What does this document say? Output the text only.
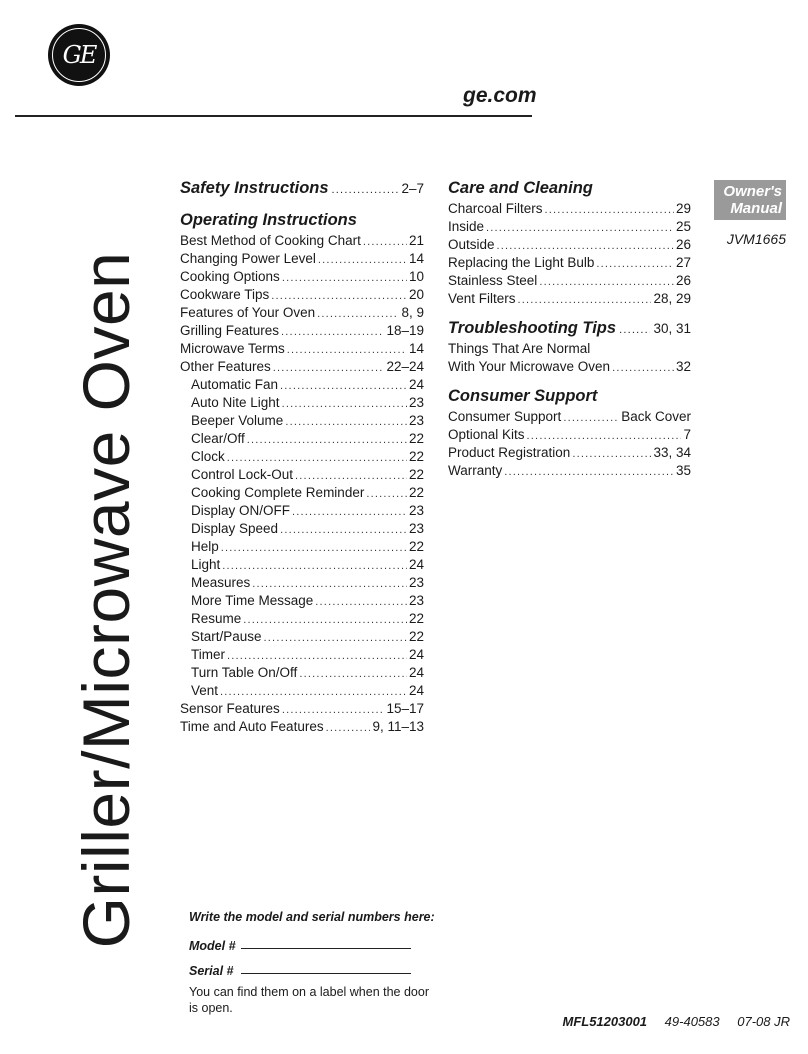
GE
ge.com
Griller/Microwave Oven
Owner's
Manual
JVM1665
Safety Instructions .....	2–7
Operating Instructions
Best Method of Cooking Chart .....	21
Changing Power Level .....	14
Cooking Options .....	10
Cookware Tips .....	20
Features of Your Oven .....	8, 9
Grilling Features .....	18–19
Microwave Terms .....	14
Other Features .....	22–24
Automatic Fan .....	24
Auto Nite Light .....	23
Beeper Volume .....	23
Clear/Off .....	22
Clock .....	22
Control Lock-Out .....	22
Cooking Complete Reminder .....	22
Display ON/OFF .....	23
Display Speed .....	23
Help .....	22
Light .....	24
Measures .....	23
More Time Message .....	23
Resume .....	22
Start/Pause .....	22
Timer .....	24
Turn Table On/Off .....	24
Vent .....	24
Sensor Features .....	15–17
Time and Auto Features .....	9, 11–13
Care and Cleaning
Charcoal Filters .....	29
Inside .....	25
Outside .....	26
Replacing the Light Bulb .....	27
Stainless Steel .....	26
Vent Filters .....	28, 29
Troubleshooting Tips .....	30, 31
Things That Are Normal
With Your Microwave Oven .....	32
Consumer Support
Consumer Support .....	Back Cover
Optional Kits .....	7
Product Registration .....	33, 34
Warranty .....	35
Write the model and serial numbers here:
Model #
Serial #
You can find them on a label when the door is open.
MFL51203001 49-40583 07-08 JR
